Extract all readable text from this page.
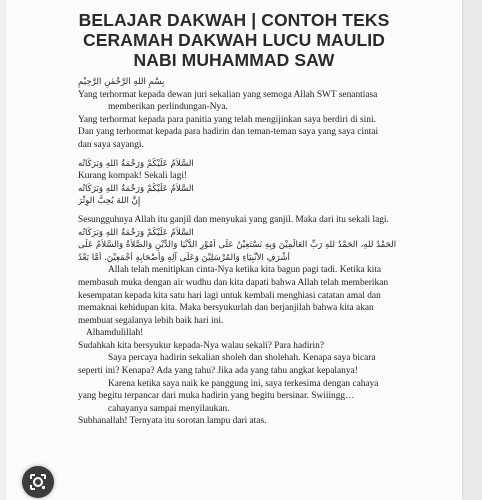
BELAJAR DAKWAH | CONTOH TEKS
CERAMAH DAKWAH LUCU MAULID
NABI MUHAMMAD SAW
بِسْمِ اللهِ الرَّحْمٰنِ الرَّحِيْمِ
Yang terhormat kepada dewan juri sekalian yang semoga Allah SWT senantiasa
memberikan perlindungan-Nya.
Yang terhormat kepada para panitia yang telah mengijinkan saya berdiri di sini.
Dan yang terhormat kepada para hadirin dan teman-teman saya yang saya cintai
dan saya sayangi.
السَّلاَمُ عَلَيْكُمْ وَرَحْمَةُ اللهِ وَبَرَكَاتُه
Kurang kompak! Sekali lagi!
السَّلاَمُ عَلَيْكُمْ وَرَحْمَةُ اللهِ وَبَرَكَاتُه
إِنَّ اللهَ يُحِبُّ الوِتْرَ
Sesungguhnya Allah itu ganjil dan menyukai yang ganjil. Maka dari itu sekali lagi.
السَّلاَمُ عَلَيْكُمْ وَرَحْمَةُ اللهِ وَبَرَكَاتُه
الحَمْدُ للهِ، الحَمْدُ للهِ رَبِّ العَالَمِيْنَ وَبِهِ نَسْتَعِيْنُ عَلَى أُمُوْرِ الدُّنْيَا وَالدِّيْنِ وَالصَّلاَةُ وَالسَّلاَمُ عَلَى
أَشْرَفِ الأَنْبِيَاءِ وَالمُرْسَلِيْنَ وَعَلَى آلِهِ وَأَصْحَابِهِ أَجْمَعِيْنَ. أَمَّا بَعْدُ
Allah telah menitipkan cinta-Nya ketika kita bagun pagi tadi. Ketika kita
membasuh muka dengan air wudhu dan kita dapati bahwa Allah telah memberikan
kesempatan kepada kita satu hari lagi untuk kembali menghiasi catatan amal dan
memaknai kehidupan kita. Maka bersyukurlah dan berjanjilah bahwa kita akan
membuat segalanya lebih baik hari ini.
Alhamdulillah!
Sudahkah kita bersyukur kepada-Nya walau sekali? Para hadirin?
Saya percaya hadirin sekalian sholeh dan sholehah. Kenapa saya bicara
seperti ini? Kenapa? Ada yang tahu? Jika ada yang tahu angkat kepalanya!
Karena ketika saya naik ke panggung ini, saya terkesima dengan cahaya
yang begitu terpancar dari muka hadirin yang begitu bersinar. Swiiingg…
cahayanya sampai menyilaukan.
Subhanallah! Ternyata itu sorotan lampu dari atas.
